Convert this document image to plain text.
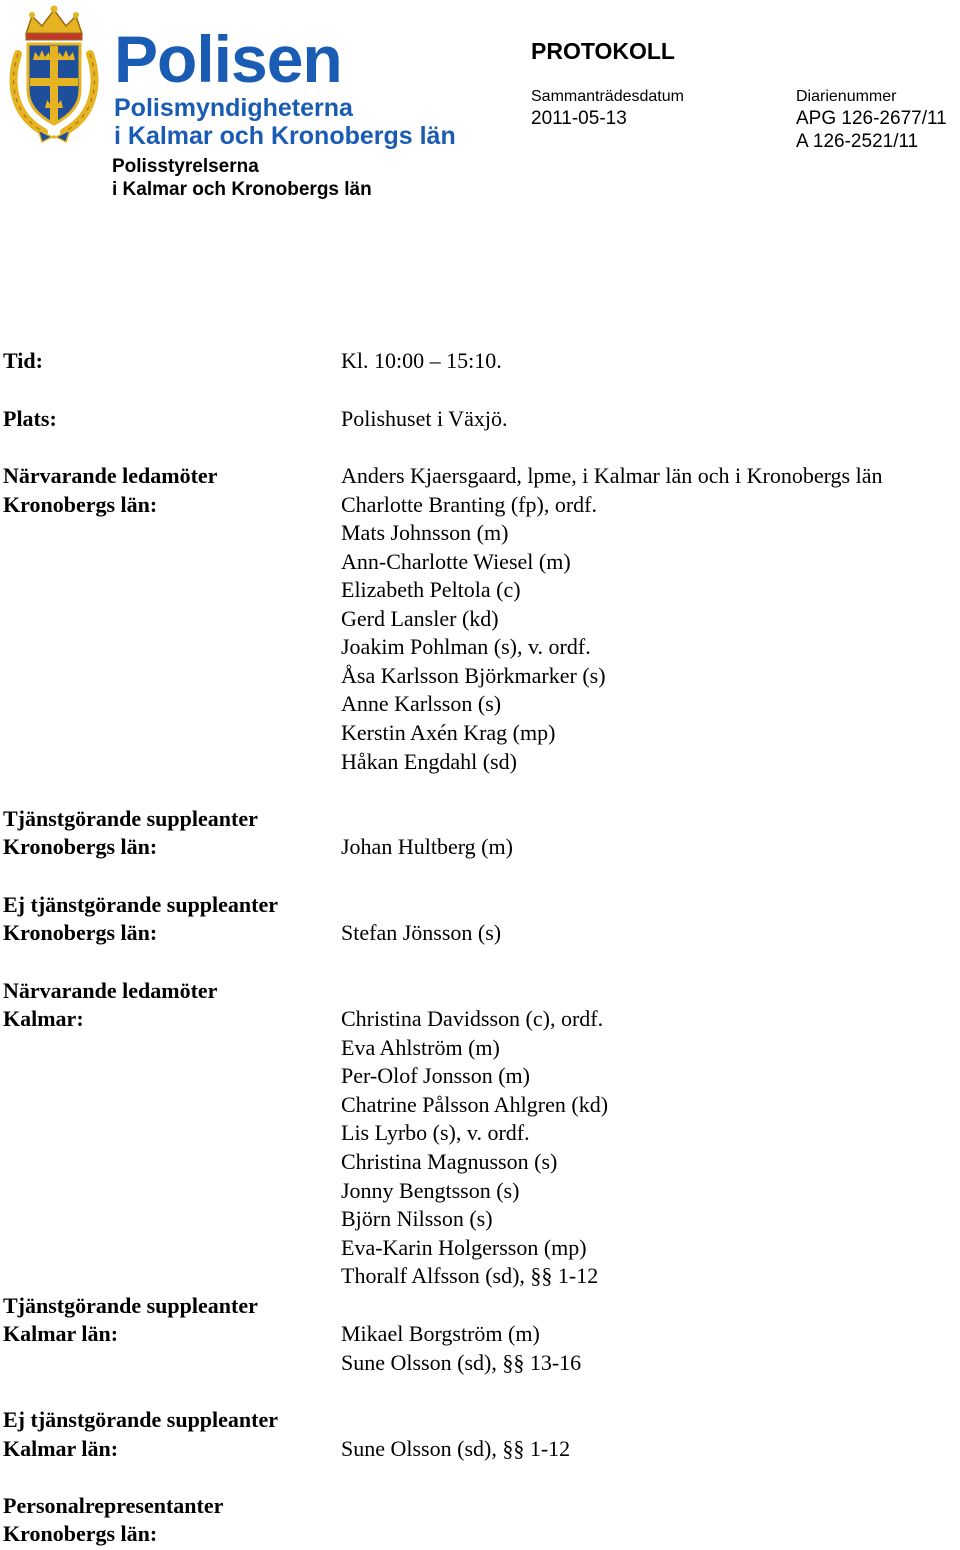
Polisen
Polismyndigheterna
i Kalmar och Kronobergs län
Polisstyrelserna
i Kalmar och Kronobergs län
PROTOKOLL
Sammanträdesdatum
2011-05-13
Diarienummer
APG 126-2677/11
A 126-2521/11
Tid:	Kl. 10:00 – 15:10.
Plats:	Polishuset i Växjö.
Närvarande ledamöter	Anders Kjaersgaard, lpme, i Kalmar län och i Kronobergs län
Kronobergs län:	Charlotte Branting (fp), ordf.
Mats Johnsson (m)
Ann-Charlotte Wiesel (m)
Elizabeth Peltola (c)
Gerd Lansler (kd)
Joakim Pohlman (s), v. ordf.
Åsa Karlsson Björkmarker (s)
Anne Karlsson (s)
Kerstin Axén Krag (mp)
Håkan Engdahl (sd)
Tjänstgörande suppleanter
Kronobergs län:	Johan Hultberg (m)
Ej tjänstgörande suppleanter
Kronobergs län:	Stefan Jönsson (s)
Närvarande ledamöter
Kalmar:	Christina Davidsson (c), ordf.
Eva Ahlström (m)
Per-Olof Jonsson (m)
Chatrine Pålsson Ahlgren (kd)
Lis Lyrbo (s), v. ordf.
Christina Magnusson (s)
Jonny Bengtsson (s)
Björn Nilsson (s)
Eva-Karin Holgersson (mp)
Thoralf Alfsson (sd), §§ 1-12
Tjänstgörande suppleanter
Kalmar län:	Mikael Borgström (m)
Sune Olsson (sd), §§ 13-16
Ej tjänstgörande suppleanter
Kalmar län:	Sune Olsson (sd), §§ 1-12
Personalrepresentanter
Kronobergs län:
